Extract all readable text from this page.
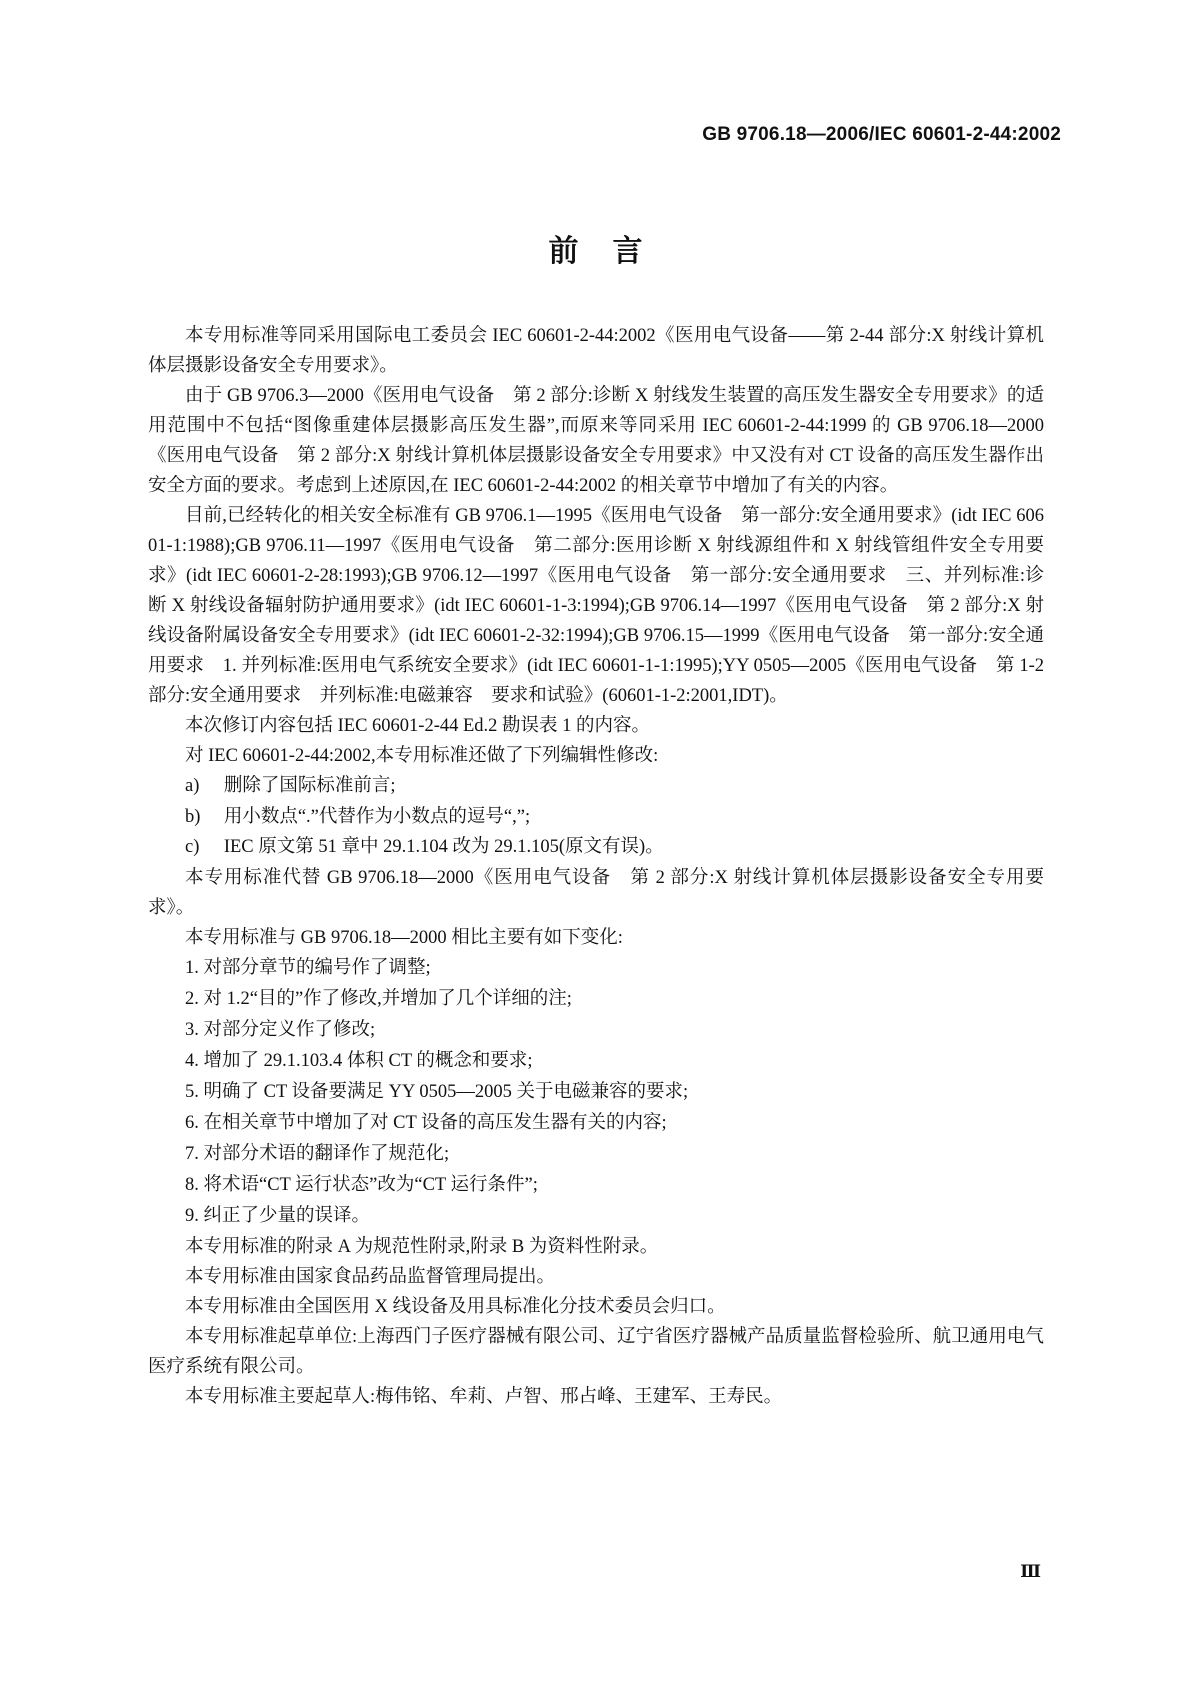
GB 9706.18—2006/IEC 60601-2-44:2002
前言

本专用标准等同采用国际电工委员会 IEC 60601-2-44:2002《医用电气设备——第 2-44 部分:X 射线计算机体层摄影设备安全专用要求》。

由于 GB 9706.3—2000《医用电气设备　第 2 部分:诊断 X 射线发生装置的高压发生器安全专用要求》的适用范围中不包括“图像重建体层摄影高压发生器”,而原来等同采用 IEC 60601-2-44:1999 的 GB 9706.18—2000《医用电气设备　第 2 部分:X 射线计算机体层摄影设备安全专用要求》中又没有对 CT 设备的高压发生器作出安全方面的要求。考虑到上述原因,在 IEC 60601-2-44:2002 的相关章节中增加了有关的内容。

目前,已经转化的相关安全标准有 GB 9706.1—1995《医用电气设备　第一部分:安全通用要求》(idt IEC 60601-1:1988);GB 9706.11—1997《医用电气设备　第二部分:医用诊断 X 射线源组件和 X 射线管组件安全专用要求》(idt IEC 60601-2-28:1993);GB 9706.12—1997《医用电气设备　第一部分:安全通用要求　三、并列标准:诊断 X 射线设备辐射防护通用要求》(idt IEC 60601-1-3:1994);GB 9706.14—1997《医用电气设备　第 2 部分:X 射线设备附属设备安全专用要求》(idt IEC 60601-2-32:1994);GB 9706.15—1999《医用电气设备　第一部分:安全通用要求　1. 并列标准:医用电气系统安全要求》(idt IEC 60601-1-1:1995);YY 0505—2005《医用电气设备　第 1-2 部分:安全通用要求　并列标准:电磁兼容　要求和试验》(60601-1-2:2001,IDT)。

本次修订内容包括 IEC 60601-2-44 Ed.2 勘误表 1 的内容。

对 IEC 60601-2-44:2002,本专用标准还做了下列编辑性修改:

a) 删除了国际标准前言;
b) 用小数点“.”代替作为小数点的逗号“,”;
c) IEC 原文第 51 章中 29.1.104 改为 29.1.105(原文有误)。

本专用标准代替 GB 9706.18—2000《医用电气设备　第 2 部分:X 射线计算机体层摄影设备安全专用要求》。

本专用标准与 GB 9706.18—2000 相比主要有如下变化:

1. 对部分章节的编号作了调整;
2. 对 1.2“目的”作了修改,并增加了几个详细的注;
3. 对部分定义作了修改;
4. 增加了 29.1.103.4 体积 CT 的概念和要求;
5. 明确了 CT 设备要满足 YY 0505—2005 关于电磁兼容的要求;
6. 在相关章节中增加了对 CT 设备的高压发生器有关的内容;
7. 对部分术语的翻译作了规范化;
8. 将术语“CT 运行状态”改为“CT 运行条件”;
9. 纠正了少量的误译。

本专用标准的附录 A 为规范性附录,附录 B 为资料性附录。

本专用标准由国家食品药品监督管理局提出。

本专用标准由全国医用 X 线设备及用具标准化分技术委员会归口。

本专用标准起草单位:上海西门子医疗器械有限公司、辽宁省医疗器械产品质量监督检验所、航卫通用电气医疗系统有限公司。

本专用标准主要起草人:梅伟铭、牟莉、卢智、邢占峰、王建军、王寿民。

Ⅲ
